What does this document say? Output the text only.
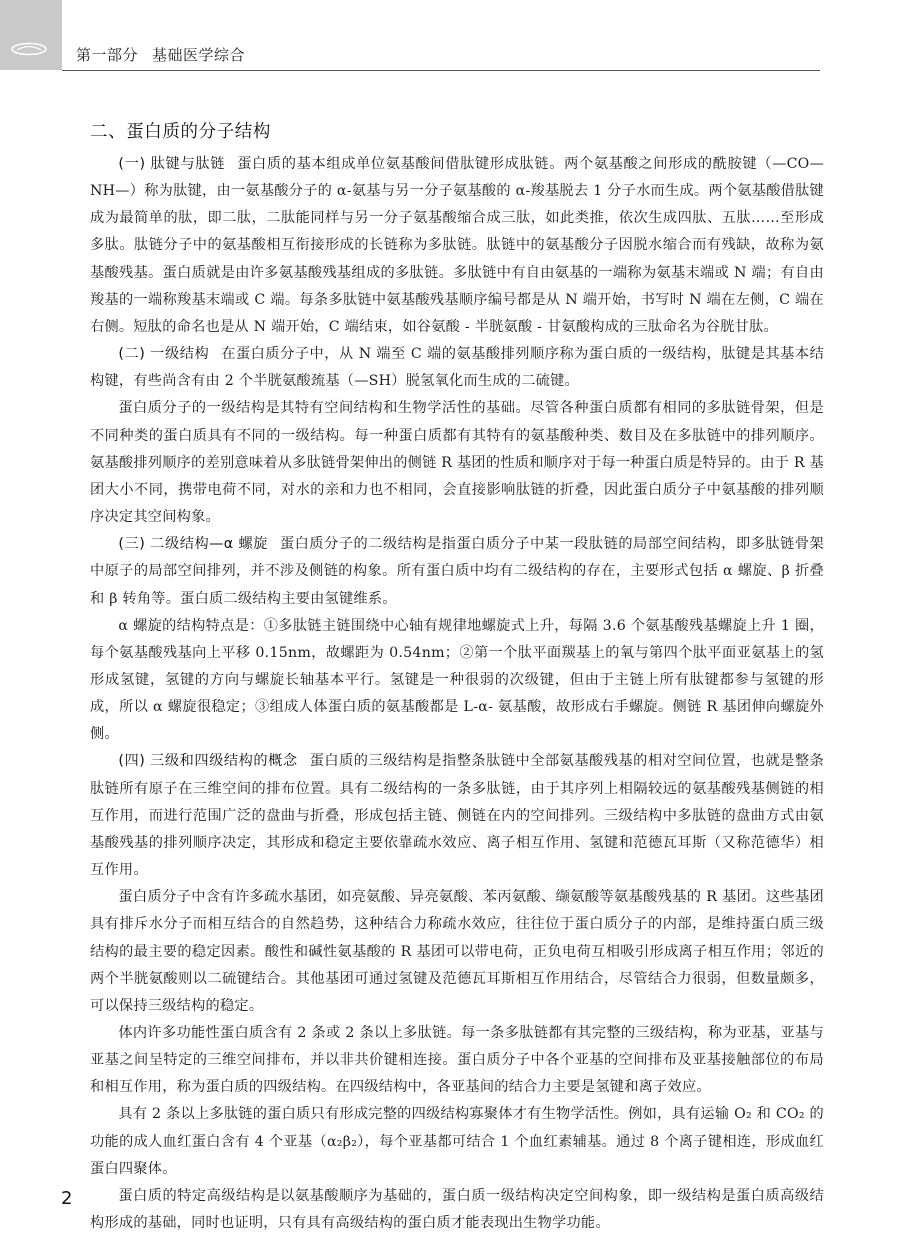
第一部分 基础医学综合
二、蛋白质的分子结构

(一) 肽键与肽链 蛋白质的基本组成单位氨基酸间借肽键形成肽链。两个氨基酸之间形成的酰胺键（—CO—NH—）称为肽键，由一氨基酸分子的 α-氨基与另一分子氨基酸的 α-羧基脱去 1 分子水而生成。两个氨基酸借肽键成为最简单的肽，即二肽，二肽能同样与另一分子氨基酸缩合成三肽，如此类推，依次生成四肽、五肽……至形成多肽。肽链分子中的氨基酸相互衔接形成的长链称为多肽链。肽链中的氨基酸分子因脱水缩合而有残缺，故称为氨基酸残基。蛋白质就是由许多氨基酸残基组成的多肽链。多肽链中有自由氨基的一端称为氨基末端或 N 端；有自由羧基的一端称羧基末端或 C 端。每条多肽链中氨基酸残基顺序编号都是从 N 端开始，书写时 N 端在左侧，C 端在右侧。短肽的命名也是从 N 端开始，C 端结束，如谷氨酸 - 半胱氨酸 - 甘氨酸构成的三肽命名为谷胱甘肽。

(二) 一级结构 在蛋白质分子中，从 N 端至 C 端的氨基酸排列顺序称为蛋白质的一级结构，肽键是其基本结构键，有些尚含有由 2 个半胱氨酸巯基（—SH）脱氢氧化而生成的二硫键。

蛋白质分子的一级结构是其特有空间结构和生物学活性的基础。尽管各种蛋白质都有相同的多肽链骨架，但是不同种类的蛋白质具有不同的一级结构。每一种蛋白质都有其特有的氨基酸种类、数目及在多肽链中的排列顺序。氨基酸排列顺序的差别意味着从多肽链骨架伸出的侧链 R 基团的性质和顺序对于每一种蛋白质是特异的。由于 R 基团大小不同，携带电荷不同，对水的亲和力也不相同，会直接影响肽链的折叠，因此蛋白质分子中氨基酸的排列顺序决定其空间构象。

(三) 二级结构—α 螺旋 蛋白质分子的二级结构是指蛋白质分子中某一段肽链的局部空间结构，即多肽链骨架中原子的局部空间排列，并不涉及侧链的构象。所有蛋白质中均有二级结构的存在，主要形式包括 α 螺旋、β 折叠和 β 转角等。蛋白质二级结构主要由氢键维系。

α 螺旋的结构特点是：①多肽链主链围绕中心轴有规律地螺旋式上升，每隔 3.6 个氨基酸残基螺旋上升 1 圈，每个氨基酸残基向上平移 0.15nm，故螺距为 0.54nm；②第一个肽平面羰基上的氧与第四个肽平面亚氨基上的氢形成氢键，氢键的方向与螺旋长轴基本平行。氢键是一种很弱的次级键，但由于主链上所有肽键都参与氢键的形成，所以 α 螺旋很稳定；③组成人体蛋白质的氨基酸都是 L-α- 氨基酸，故形成右手螺旋。侧链 R 基团伸向螺旋外侧。

(四) 三级和四级结构的概念 蛋白质的三级结构是指整条肽链中全部氨基酸残基的相对空间位置，也就是整条肽链所有原子在三维空间的排布位置。具有二级结构的一条多肽链，由于其序列上相隔较远的氨基酸残基侧链的相互作用，而进行范围广泛的盘曲与折叠，形成包括主链、侧链在内的空间排列。三级结构中多肽链的盘曲方式由氨基酸残基的排列顺序决定，其形成和稳定主要依靠疏水效应、离子相互作用、氢键和范德瓦耳斯（又称范德华）相互作用。

蛋白质分子中含有许多疏水基团，如亮氨酸、异亮氨酸、苯丙氨酸、缬氨酸等氨基酸残基的 R 基团。这些基团具有排斥水分子而相互结合的自然趋势，这种结合力称疏水效应，往往位于蛋白质分子的内部，是维持蛋白质三级结构的最主要的稳定因素。酸性和碱性氨基酸的 R 基团可以带电荷，正负电荷互相吸引形成离子相互作用；邻近的两个半胱氨酸则以二硫键结合。其他基团可通过氢键及范德瓦耳斯相互作用结合，尽管结合力很弱，但数量颇多，可以保持三级结构的稳定。

体内许多功能性蛋白质含有 2 条或 2 条以上多肽链。每一条多肽链都有其完整的三级结构，称为亚基，亚基与亚基之间呈特定的三维空间排布，并以非共价键相连接。蛋白质分子中各个亚基的空间排布及亚基接触部位的布局和相互作用，称为蛋白质的四级结构。在四级结构中，各亚基间的结合力主要是氢键和离子效应。

具有 2 条以上多肽链的蛋白质只有形成完整的四级结构寡聚体才有生物学活性。例如，具有运输 O₂ 和 CO₂ 的功能的成人血红蛋白含有 4 个亚基（α₂β₂），每个亚基都可结合 1 个血红素辅基。通过 8 个离子键相连，形成血红蛋白四聚体。

蛋白质的特定高级结构是以氨基酸顺序为基础的，蛋白质一级结构决定空间构象，即一级结构是蛋白质高级结构形成的基础，同时也证明，只有具有高级结构的蛋白质才能表现出生物学功能。

2
